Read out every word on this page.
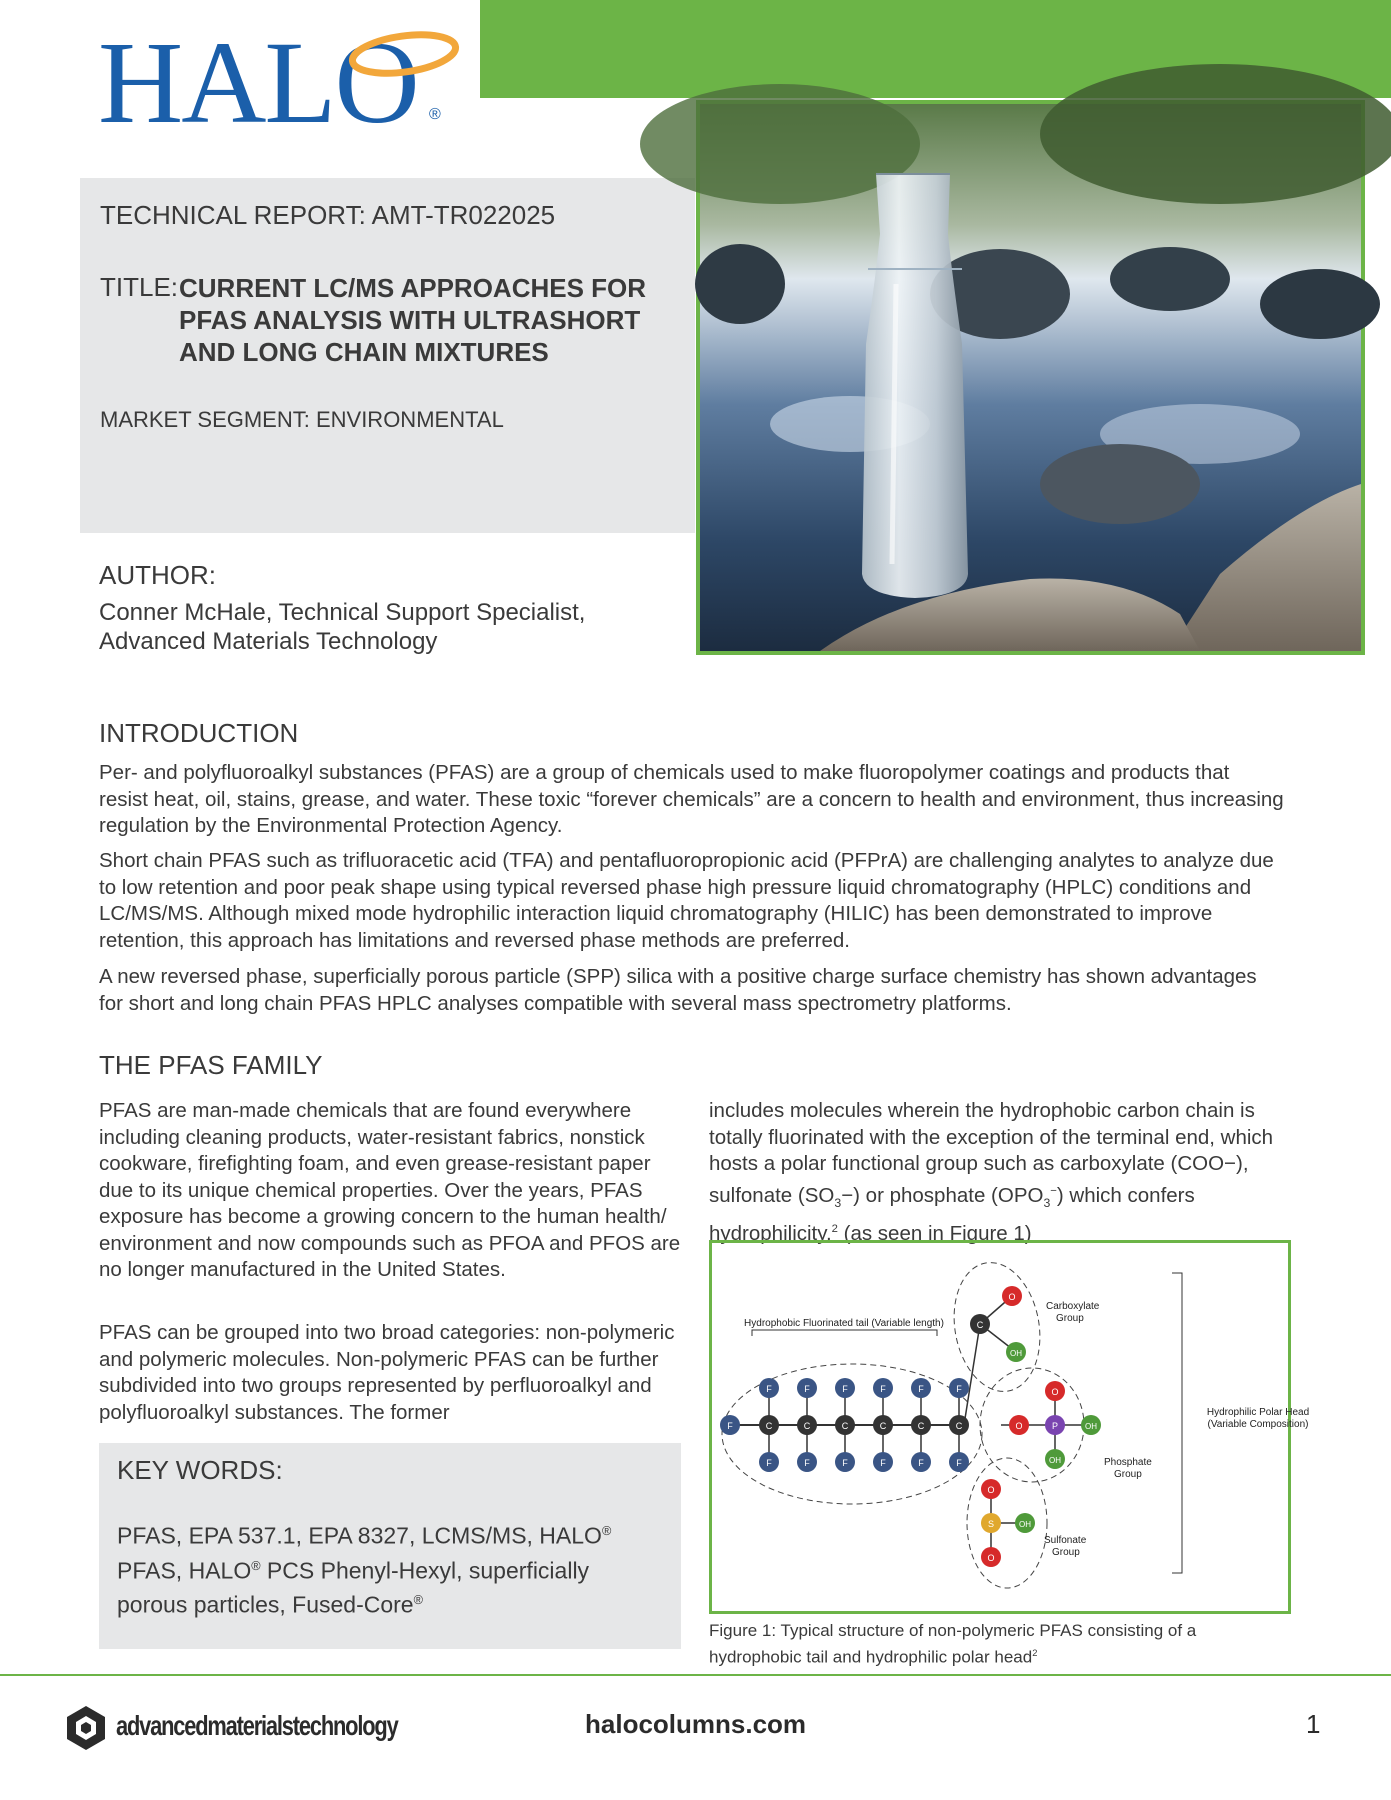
HALO ®
TECHNICAL REPORT: AMT-TR022025
TITLE: CURRENT LC/MS APPROACHES FOR
PFAS ANALYSIS WITH ULTRASHORT
AND LONG CHAIN MIXTURES
MARKET SEGMENT: ENVIRONMENTAL
AUTHOR:
Conner McHale, Technical Support Specialist,
Advanced Materials Technology
INTRODUCTION

Per- and polyfluoroalkyl substances (PFAS) are a group of chemicals used to make fluoropolymer coatings and products that resist heat, oil, stains, grease, and water. These toxic “forever chemicals” are a concern to health and environment, thus increasing regulation by the Environmental Protection Agency.

Short chain PFAS such as trifluoracetic acid (TFA) and pentafluoropropionic acid (PFPrA) are challenging analytes to analyze due to low retention and poor peak shape using typical reversed phase high pressure liquid chromatography (HPLC) conditions and LC/MS/MS. Although mixed mode hydrophilic interaction liquid chromatography (HILIC) has been demonstrated to improve retention, this approach has limitations and reversed phase methods are preferred.

A new reversed phase, superficially porous particle (SPP) silica with a positive charge surface chemistry has shown advantages for short and long chain PFAS HPLC analyses compatible with several mass spectrometry platforms.

THE PFAS FAMILY

PFAS are man-made chemicals that are found everywhere including cleaning products, water-resistant fabrics, nonstick cookware, firefighting foam, and even grease-resistant paper due to its unique chemical properties. Over the years, PFAS exposure has become a growing concern to the human health/ environment and now compounds such as PFOA and PFOS are no longer manufactured in the United States.

PFAS can be grouped into two broad categories: non-polymeric and polymeric molecules. Non-polymeric PFAS can be further subdivided into two groups represented by perfluoroalkyl and polyfluoroalkyl substances. The former

includes molecules wherein the hydrophobic carbon chain is totally fluorinated with the exception of the terminal end, which hosts a polar functional group such as carboxylate (COO−), sulfonate $(SO_3-)$ or phosphate $(OPO_3^-)$ which confers hydrophilicity.$^2$ (as seen in Figure 1)

KEY WORDS:
PFAS, EPA 537.1, EPA 8327, LCMS/MS, HALO® PFAS, HALO® PCS Phenyl-Hexyl, superficially porous particles, Fused-Core®
Hydrophobic Fluorinated tail (Variable length)
F
F
F
C
F
F
C
F
F
C
F
F
C
F
F
C
F
F
C
C
O
OH
Carboxylate
Group
P
O
O	OH
OH	Phosphate
Group
S
O
O
OH
Sulfonate
Group
Hydrophilic Polar Head
(Variable Composition)
Figure 1: Typical structure of non-polymeric PFAS consisting of a hydrophobic tail and hydrophilic polar head$^2$
advancedmaterialstechnology	halocolumns.com	1
